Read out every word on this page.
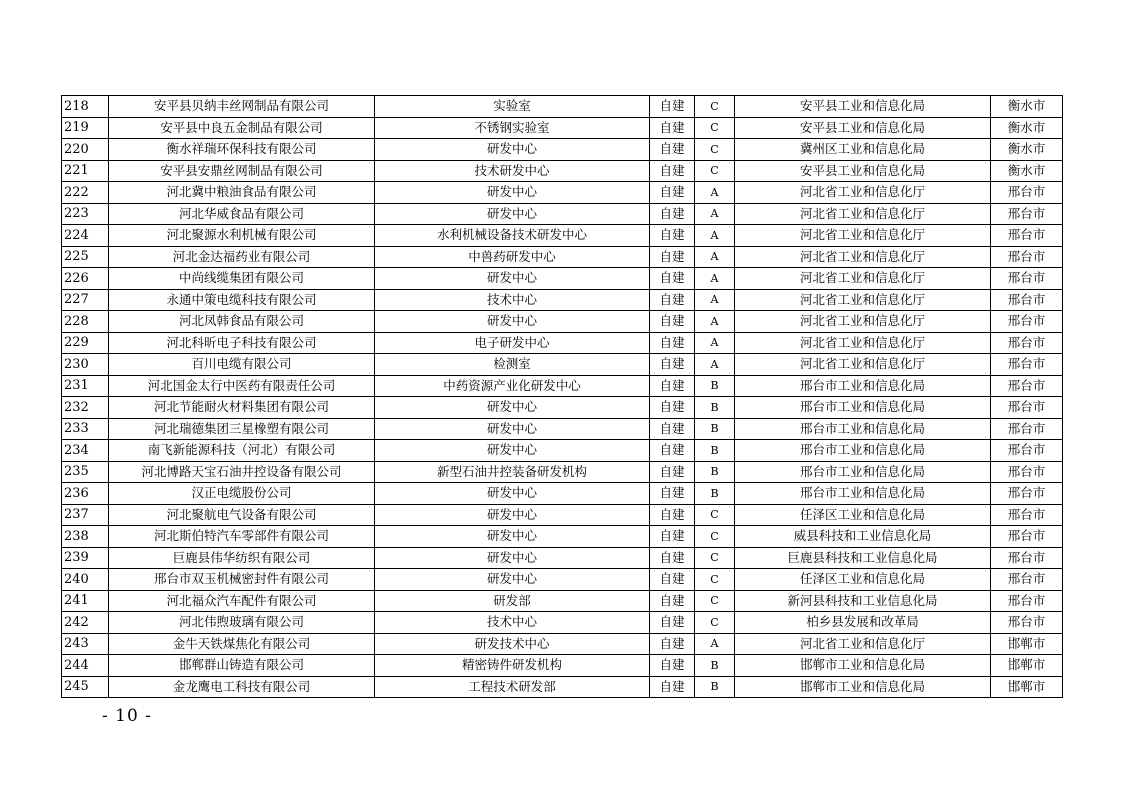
218	安平县贝纳丰丝网制品有限公司	实验室	自建	C	安平县工业和信息化局	衡水市
219	安平县中良五金制品有限公司	不锈钢实验室	自建	C	安平县工业和信息化局	衡水市
220	衡水祥瑞环保科技有限公司	研发中心	自建	C	冀州区工业和信息化局	衡水市
221	安平县安鼎丝网制品有限公司	技术研发中心	自建	C	安平县工业和信息化局	衡水市
222	河北冀中粮油食品有限公司	研发中心	自建	A	河北省工业和信息化厅	邢台市
223	河北华威食品有限公司	研发中心	自建	A	河北省工业和信息化厅	邢台市
224	河北聚源水利机械有限公司	水利机械设备技术研发中心	自建	A	河北省工业和信息化厅	邢台市
225	河北金达福药业有限公司	中兽药研发中心	自建	A	河北省工业和信息化厅	邢台市
226	中尚线缆集团有限公司	研发中心	自建	A	河北省工业和信息化厅	邢台市
227	永通中策电缆科技有限公司	技术中心	自建	A	河北省工业和信息化厅	邢台市
228	河北凤韩食品有限公司	研发中心	自建	A	河北省工业和信息化厅	邢台市
229	河北科昕电子科技有限公司	电子研发中心	自建	A	河北省工业和信息化厅	邢台市
230	百川电缆有限公司	检测室	自建	A	河北省工业和信息化厅	邢台市
231	河北国金太行中医药有限责任公司	中药资源产业化研发中心	自建	B	邢台市工业和信息化局	邢台市
232	河北节能耐火材料集团有限公司	研发中心	自建	B	邢台市工业和信息化局	邢台市
233	河北瑞德集团三星橡塑有限公司	研发中心	自建	B	邢台市工业和信息化局	邢台市
234	南飞新能源科技（河北）有限公司	研发中心	自建	B	邢台市工业和信息化局	邢台市
235	河北博路天宝石油井控设备有限公司	新型石油井控装备研发机构	自建	B	邢台市工业和信息化局	邢台市
236	汉正电缆股份公司	研发中心	自建	B	邢台市工业和信息化局	邢台市
237	河北聚航电气设备有限公司	研发中心	自建	C	任泽区工业和信息化局	邢台市
238	河北斯伯特汽车零部件有限公司	研发中心	自建	C	威县科技和工业信息化局	邢台市
239	巨鹿县伟华纺织有限公司	研发中心	自建	C	巨鹿县科技和工业信息化局	邢台市
240	邢台市双玉机械密封件有限公司	研发中心	自建	C	任泽区工业和信息化局	邢台市
241	河北福众汽车配件有限公司	研发部	自建	C	新河县科技和工业信息化局	邢台市
242	河北伟煦玻璃有限公司	技术中心	自建	C	柏乡县发展和改革局	邢台市
243	金牛天铁煤焦化有限公司	研发技术中心	自建	A	河北省工业和信息化厅	邯郸市
244	邯郸群山铸造有限公司	精密铸件研发机构	自建	B	邯郸市工业和信息化局	邯郸市
245	金龙鹰电工科技有限公司	工程技术研发部	自建	B	邯郸市工业和信息化局	邯郸市
- 10 -
